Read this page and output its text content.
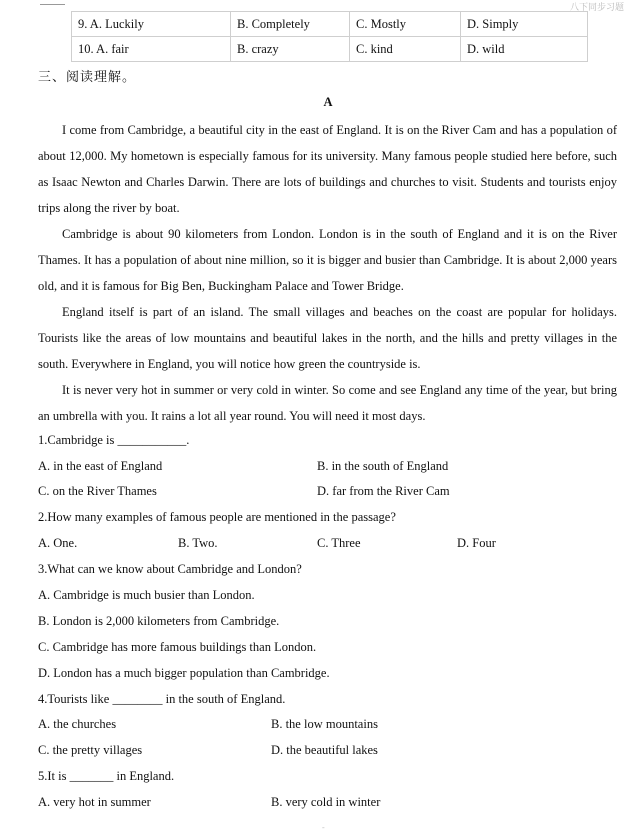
八下同步习题
9. A. Luckily	B. Completely	C. Mostly	D. Simply
10. A. fair	B. crazy	C. kind	D. wild
三、阅读理解。
A

I come from Cambridge, a beautiful city in the east of England. It is on the River Cam and has a population of about 12,000. My hometown is especially famous for its university. Many famous people studied here before, such as Isaac Newton and Charles Darwin. There are lots of buildings and churches to visit. Students and tourists enjoy trips along the river by boat.

Cambridge is about 90 kilometers from London. London is in the south of England and it is on the River Thames. It has a population of about nine million, so it is bigger and busier than Cambridge. It is about 2,000 years old, and it is famous for Big Ben, Buckingham Palace and Tower Bridge.

England itself is part of an island. The small villages and beaches on the coast are popular for holidays. Tourists like the areas of low mountains and beautiful lakes in the north, and the hills and pretty villages in the south. Everywhere in England, you will notice how green the countryside is.

It is never very hot in summer or very cold in winter. So come and see England any time of the year, but bring an umbrella with you. It rains a lot all year round. You will need it most days.

1.Cambridge is ___________.
A. in the east of England	B. in the south of England
C. on the River Thames	D. far from the River Cam
2.How many examples of famous people are mentioned in the passage?
A. One.	B. Two.	C. Three	D. Four
3.What can we know about Cambridge and London?
A. Cambridge is much busier than London.
B. London is 2,000 kilometers from Cambridge.
C. Cambridge has more famous buildings than London.
D. London has a much bigger population than Cambridge.
4.Tourists like ________ in the south of England.
A. the churches	B. the low mountains
C. the pretty villages	D. the beautiful lakes
5.It is _______ in England.
A. very hot in summer	B. very cold in winter
-
